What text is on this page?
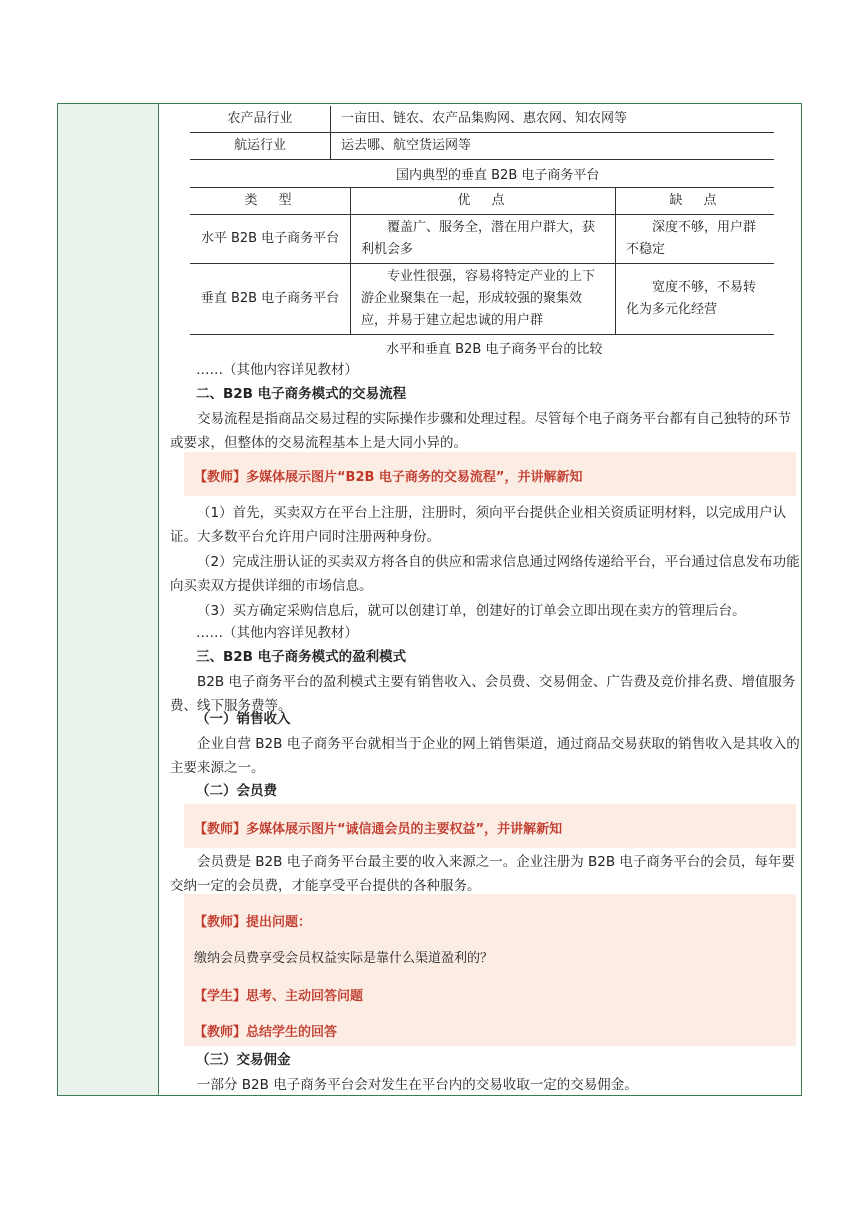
农产品行业	一亩田、链农、农产品集购网、惠农网、知农网等
航运行业	运去哪、航空货运网等
国内典型的垂直 B2B 电子商务平台
类　型	优　点	缺　点
水平 B2B 电子商务平台	覆盖广、服务全，潜在用户群大，获利机会多	深度不够，用户群不稳定
垂直 B2B 电子商务平台	专业性很强，容易将特定产业的上下游企业聚集在一起，形成较强的聚集效应，并易于建立起忠诚的用户群	宽度不够，不易转化为多元化经营
水平和垂直 B2B 电子商务平台的比较
……（其他内容详见教材）
二、B2B 电子商务模式的交易流程
交易流程是指商品交易过程的实际操作步骤和处理过程。尽管每个电子商务平台都有自己独特的环节或要求，但整体的交易流程基本上是大同小异的。
【教师】多媒体展示图片“B2B 电子商务的交易流程”，并讲解新知
（1）首先，买卖双方在平台上注册，注册时，须向平台提供企业相关资质证明材料，以完成用户认证。大多数平台允许用户同时注册两种身份。
（2）完成注册认证的买卖双方将各自的供应和需求信息通过网络传递给平台，平台通过信息发布功能向买卖双方提供详细的市场信息。
（3）买方确定采购信息后，就可以创建订单，创建好的订单会立即出现在卖方的管理后台。
……（其他内容详见教材）
三、B2B 电子商务模式的盈利模式
B2B 电子商务平台的盈利模式主要有销售收入、会员费、交易佣金、广告费及竞价排名费、增值服务费、线下服务费等。
（一）销售收入
企业自营 B2B 电子商务平台就相当于企业的网上销售渠道，通过商品交易获取的销售收入是其收入的主要来源之一。
（二）会员费
【教师】多媒体展示图片“诚信通会员的主要权益”，并讲解新知
会员费是 B2B 电子商务平台最主要的收入来源之一。企业注册为 B2B 电子商务平台的会员，每年要交纳一定的会员费，才能享受平台提供的各种服务。
【教师】提出问题：
缴纳会员费享受会员权益实际是靠什么渠道盈利的？
【学生】思考、主动回答问题
【教师】总结学生的回答
（三）交易佣金
一部分 B2B 电子商务平台会对发生在平台内的交易收取一定的交易佣金。
